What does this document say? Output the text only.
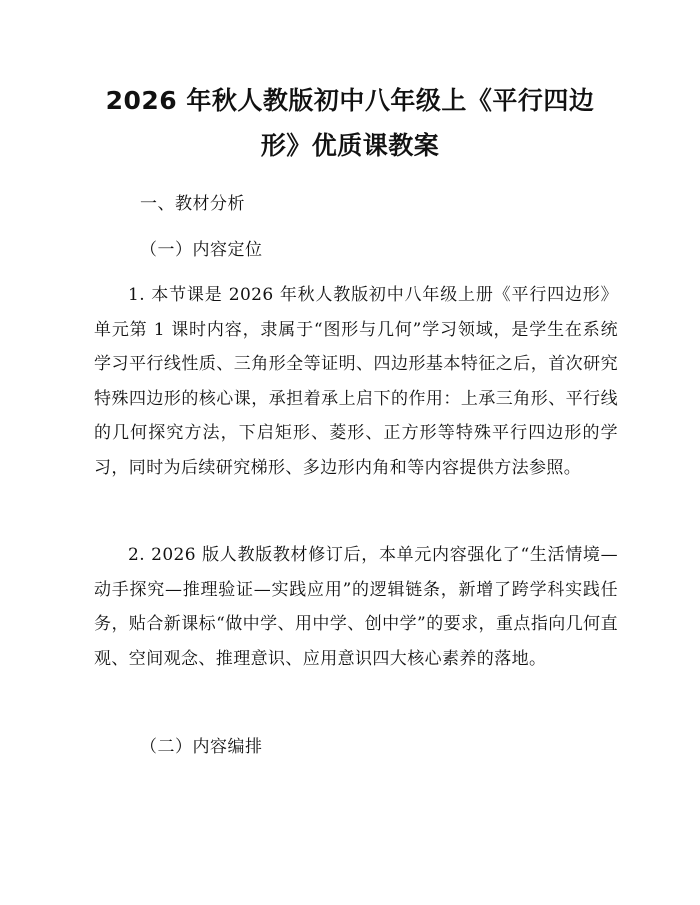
2026 年秋人教版初中八年级上《平行四边
形》优质课教案
一、教材分析
（一）内容定位
1. 本节课是 2026 年秋人教版初中八年级上册《平行四边形》单元第 1 课时内容，隶属于“图形与几何”学习领域，是学生在系统学习平行线性质、三角形全等证明、四边形基本特征之后，首次研究特殊四边形的核心课，承担着承上启下的作用：上承三角形、平行线的几何探究方法，下启矩形、菱形、正方形等特殊平行四边形的学习，同时为后续研究梯形、多边形内角和等内容提供方法参照。
2. 2026 版人教版教材修订后，本单元内容强化了“生活情境—动手探究—推理验证—实践应用”的逻辑链条，新增了跨学科实践任务，贴合新课标“做中学、用中学、创中学”的要求，重点指向几何直观、空间观念、推理意识、应用意识四大核心素养的落地。
（二）内容编排
